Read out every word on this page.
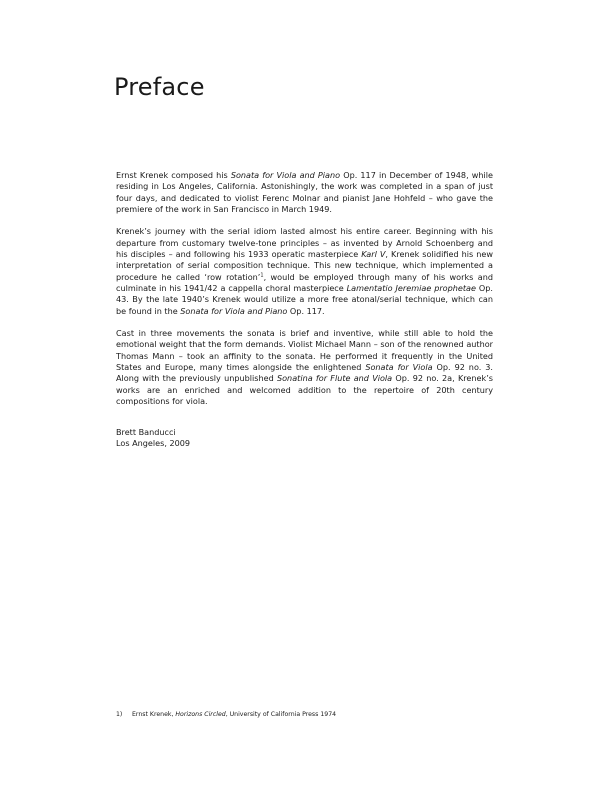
Preface

Ernst Krenek composed his Sonata for Viola and Piano Op. 117 in December of 1948, while residing in Los Angeles, California. Astonishingly, the work was completed in a span of just four days, and dedicated to violist Ferenc Molnar and pianist Jane Hohfeld – who gave the premiere of the work in San Francisco in March 1949.

Krenek’s journey with the serial idiom lasted almost his entire career. Beginning with his departure from customary twelve-tone principles – as invented by Arnold Schoenberg and his disciples – and following his 1933 operatic masterpiece Karl V, Krenek solidified his new interpretation of serial composition technique. This new technique, which implemented a procedure he called ‘row rotation’$^1$, would be employed through many of his works and culminate in his 1941/42 a cappella choral masterpiece Lamentatio Jeremiae prophetae Op. 43. By the late 1940’s Krenek would utilize a more free atonal/serial technique, which can be found in the Sonata for Viola and Piano Op. 117.

Cast in three movements the sonata is brief and inventive, while still able to hold the emotional weight that the form demands. Violist Michael Mann – son of the renowned author Thomas Mann – took an affinity to the sonata. He performed it frequently in the United States and Europe, many times alongside the enlightened Sonata for Viola Op. 92 no. 3. Along with the previously unpublished Sonatina for Flute and Viola Op. 92 no. 2a, Krenek’s works are an enriched and welcomed addition to the repertoire of 20th century compositions for viola.

Brett Banducci
Los Angeles, 2009
1) Ernst Krenek, Horizons Circled, University of California Press 1974
